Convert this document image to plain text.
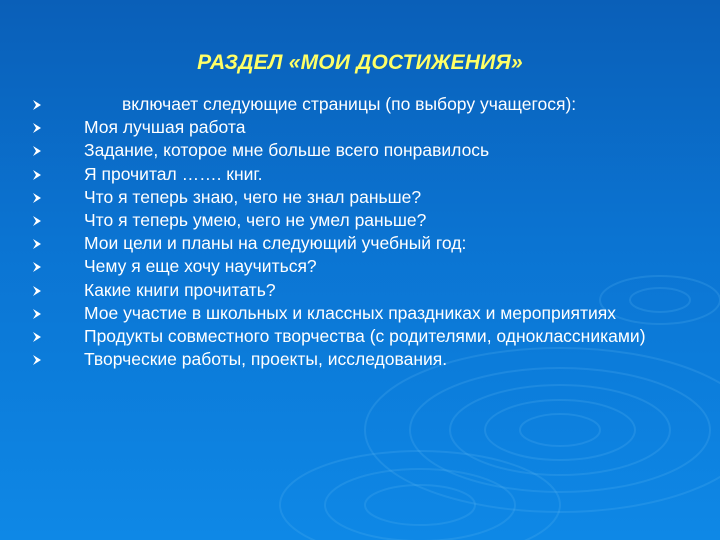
РАЗДЕЛ «МОИ ДОСТИЖЕНИЯ»
включает следующие страницы (по выбору учащегося):
Моя лучшая работа
Задание, которое мне больше всего понравилось
Я прочитал ……. книг.
Что я теперь знаю, чего не знал раньше?
Что я теперь умею, чего не умел раньше?
Мои цели и планы на следующий учебный год:
Чему я еще хочу научиться?
Какие книги прочитать?
Мое участие в школьных и классных праздниках и мероприятиях
Продукты совместного творчества (с родителями, одноклассниками)
Творческие работы, проекты, исследования.
